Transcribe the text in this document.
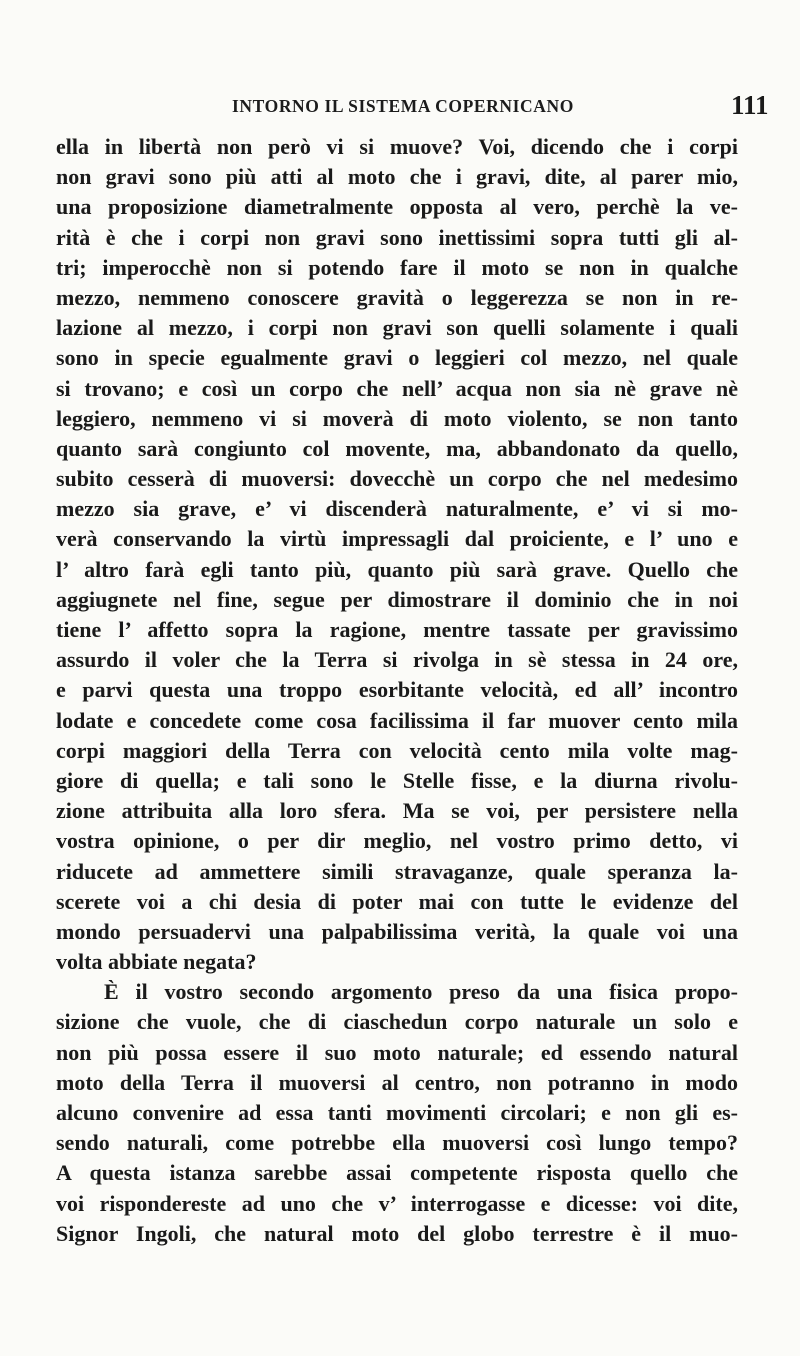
INTORNO IL SISTEMA COPERNICANO	111
ella in libertà non però vi si muove? Voi, dicendo che i corpi
non gravi sono più atti al moto che i gravi, dite, al parer mio,
una proposizione diametralmente opposta al vero, perchè la ve-
rità è che i corpi non gravi sono inettissimi sopra tutti gli al-
tri; imperocchè non si potendo fare il moto se non in qualche
mezzo, nemmeno conoscere gravità o leggerezza se non in re-
lazione al mezzo, i corpi non gravi son quelli solamente i quali
sono in specie egualmente gravi o leggieri col mezzo, nel quale
si trovano; e così un corpo che nell’ acqua non sia nè grave nè
leggiero, nemmeno vi si moverà di moto violento, se non tanto
quanto sarà congiunto col movente, ma, abbandonato da quello,
subito cesserà di muoversi: dovecchè un corpo che nel medesimo
mezzo sia grave, e’ vi discenderà naturalmente, e’ vi si mo-
verà conservando la virtù impressagli dal proiciente, e l’ uno e
l’ altro farà egli tanto più, quanto più sarà grave. Quello che
aggiugnete nel fine, segue per dimostrare il dominio che in noi
tiene l’ affetto sopra la ragione, mentre tassate per gravissimo
assurdo il voler che la Terra si rivolga in sè stessa in 24 ore,
e parvi questa una troppo esorbitante velocità, ed all’ incontro
lodate e concedete come cosa facilissima il far muover cento mila
corpi maggiori della Terra con velocità cento mila volte mag-
giore di quella; e tali sono le Stelle fisse, e la diurna rivolu-
zione attribuita alla loro sfera. Ma se voi, per persistere nella
vostra opinione, o per dir meglio, nel vostro primo detto, vi
riducete ad ammettere simili stravaganze, quale speranza la-
scerete voi a chi desia di poter mai con tutte le evidenze del
mondo persuadervi una palpabilissima verità, la quale voi una
volta abbiate negata?
È il vostro secondo argomento preso da una fisica propo-
sizione che vuole, che di ciaschedun corpo naturale un solo e
non più possa essere il suo moto naturale; ed essendo natural
moto della Terra il muoversi al centro, non potranno in modo
alcuno convenire ad essa tanti movimenti circolari; e non gli es-
sendo naturali, come potrebbe ella muoversi così lungo tempo?
A questa istanza sarebbe assai competente risposta quello che
voi rispondereste ad uno che v’ interrogasse e dicesse: voi dite,
Signor Ingoli, che natural moto del globo terrestre è il muo-
